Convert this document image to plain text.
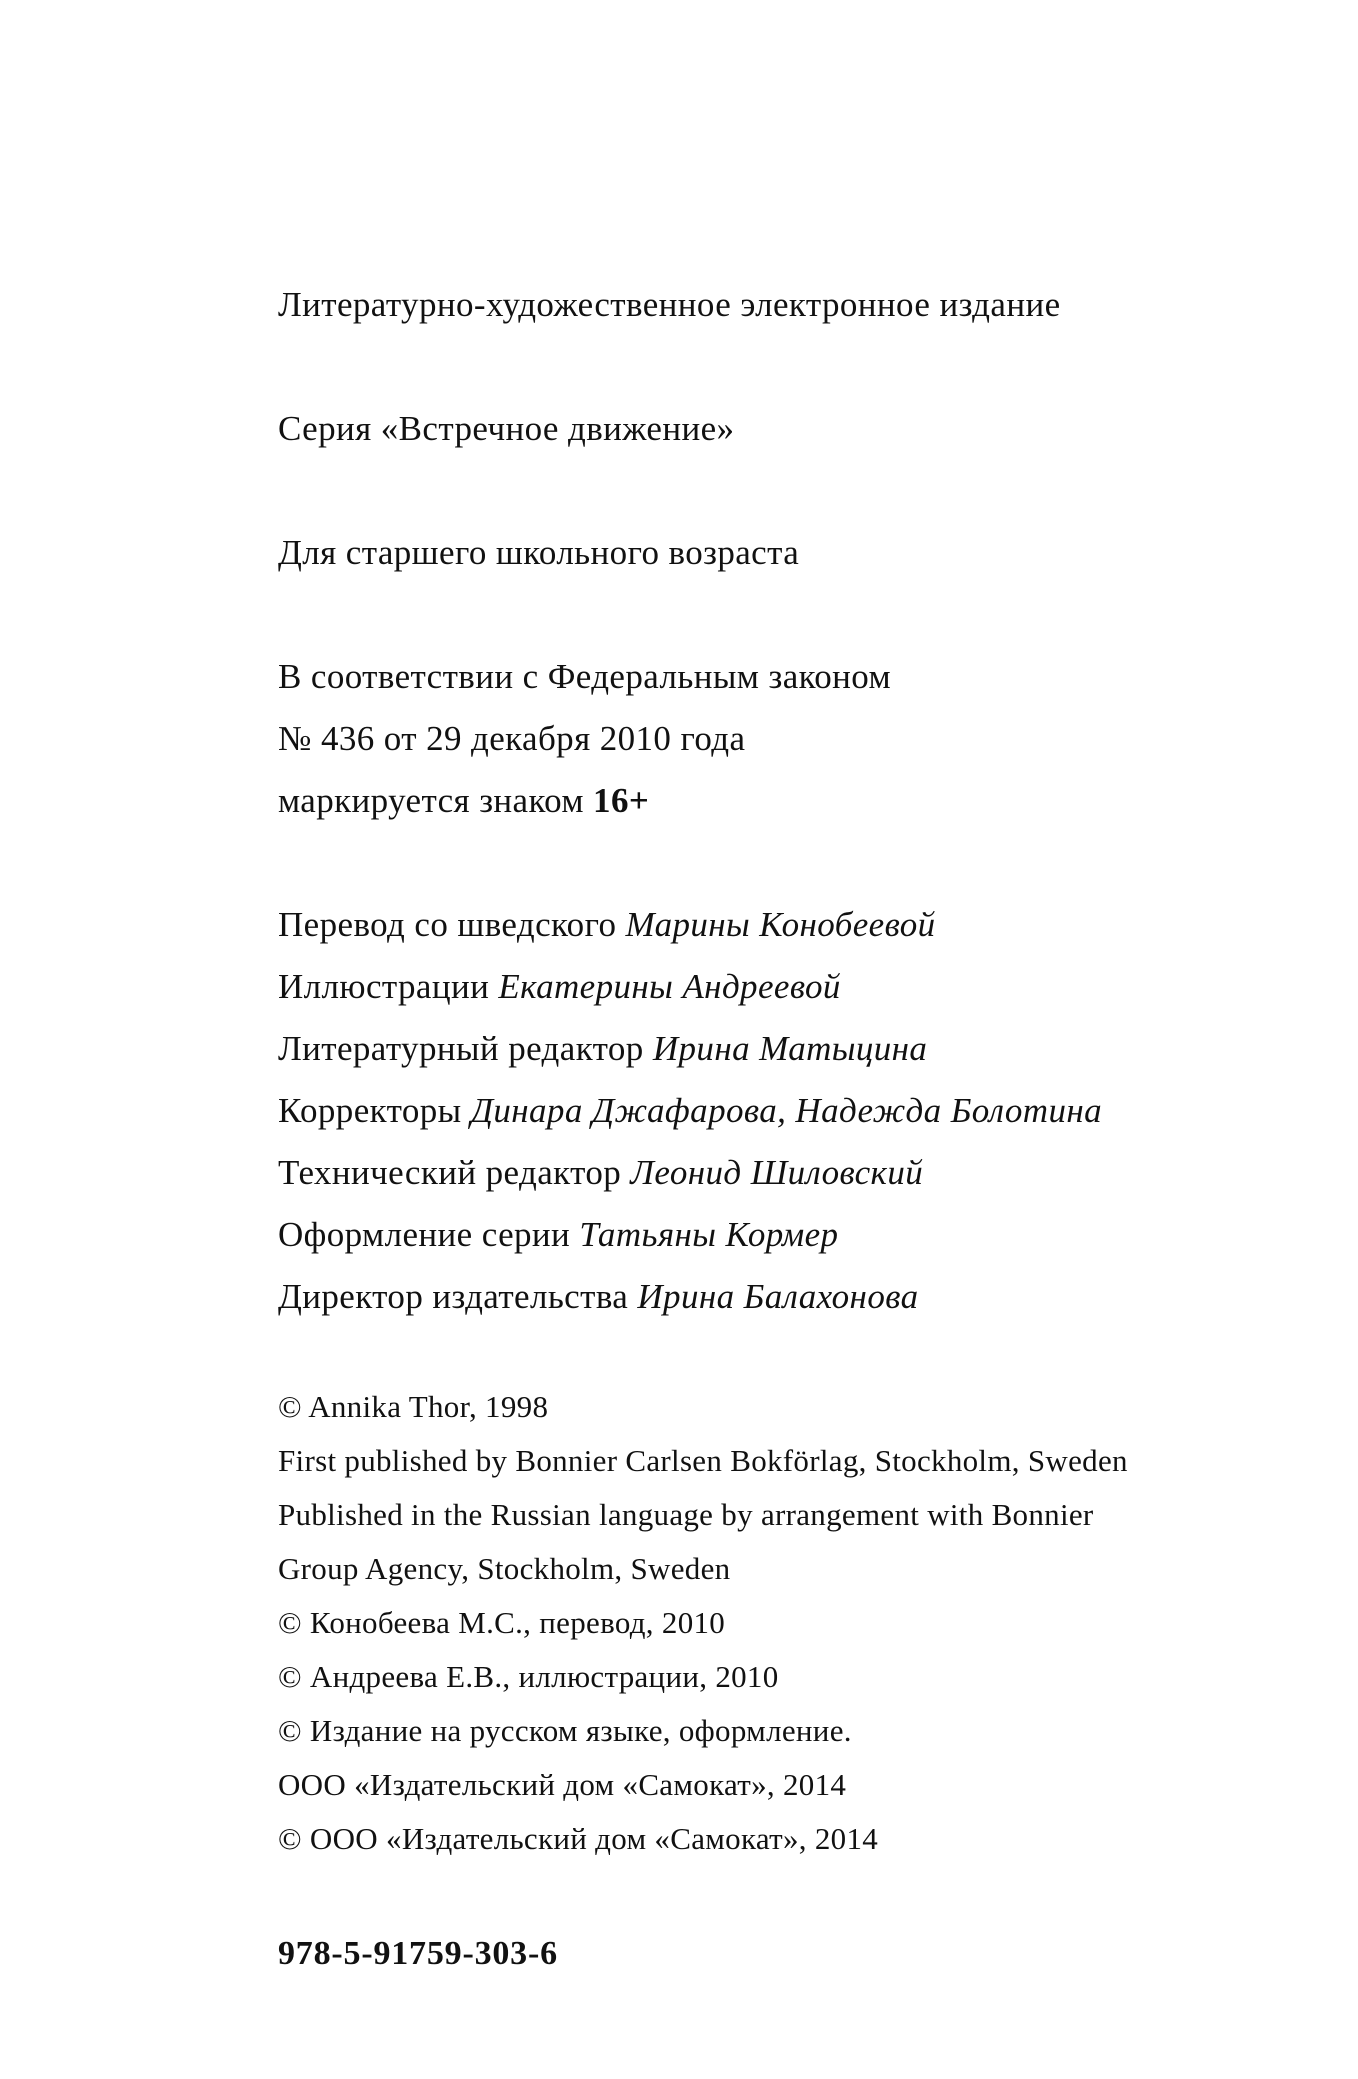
Литературно-художественное электронное издание
Серия «Встречное движение»
Для старшего школьного возраста
В соответствии с Федеральным законом
№ 436 от 29 декабря 2010 года
маркируется знаком 16+
Перевод со шведского Марины Конобеевой
Иллюстрации Екатерины Андреевой
Литературный редактор Ирина Матыцина
Корректоры Динара Джафарова, Надежда Болотина
Технический редактор Леонид Шиловский
Оформление серии Татьяны Кормер
Директор издательства Ирина Балахонова
© Annika Thor, 1998
First published by Bonnier Carlsen Bokförlag, Stockholm, Sweden
Published in the Russian language by arrangement with Bonnier
Group Agency, Stockholm, Sweden
© Конобеева М.С., перевод, 2010
© Андреева Е.В., иллюстрации, 2010
© Издание на русском языке, оформление.
ООО «Издательский дом «Самокат», 2014
© ООО «Издательский дом «Самокат», 2014
978-5-91759-303-6
